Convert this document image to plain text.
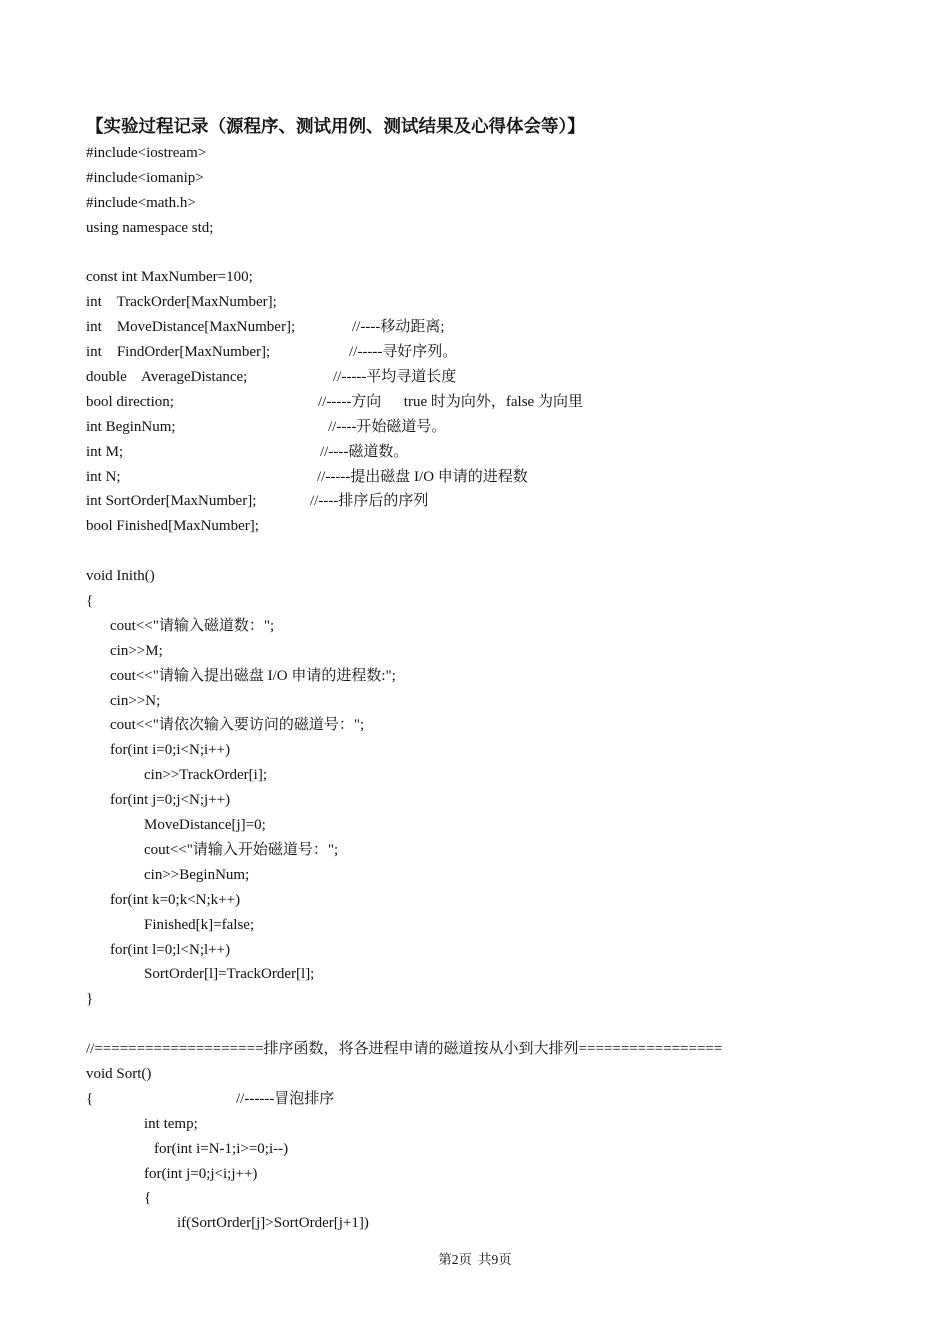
【实验过程记录（源程序、测试用例、测试结果及心得体会等）】
#include<iostream>
#include<iomanip>
#include<math.h>
using namespace std;
const int MaxNumber=100;
int    TrackOrder[MaxNumber];
int    MoveDistance[MaxNumber];	//----移动距离;
int    FindOrder[MaxNumber];	//-----寻好序列。
double    AverageDistance;	//-----平均寻道长度
bool direction;	//-----方向      true 时为向外，false 为向里
int BeginNum;	//----开始磁道号。
int M;	//----磁道数。
int N;	//-----提出磁盘 I/O 申请的进程数
int SortOrder[MaxNumber];	//----排序后的序列
bool Finished[MaxNumber];
void Inith()
{
cout<<"请输入磁道数：";
cin>>M;
cout<<"请输入提出磁盘 I/O 申请的进程数:";
cin>>N;
cout<<"请依次输入要访问的磁道号：";
for(int i=0;i<N;i++)
cin>>TrackOrder[i];
for(int j=0;j<N;j++)
MoveDistance[j]=0;
cout<<"请输入开始磁道号：";
cin>>BeginNum;
for(int k=0;k<N;k++)
Finished[k]=false;
for(int l=0;l<N;l++)
SortOrder[l]=TrackOrder[l];
}
//====================排序函数，将各进程申请的磁道按从小到大排列=================
void Sort()
{	//------冒泡排序
int temp;
for(int i=N-1;i>=0;i--)
for(int j=0;j<i;j++)
{
if(SortOrder[j]>SortOrder[j+1])
第2页 共9页
